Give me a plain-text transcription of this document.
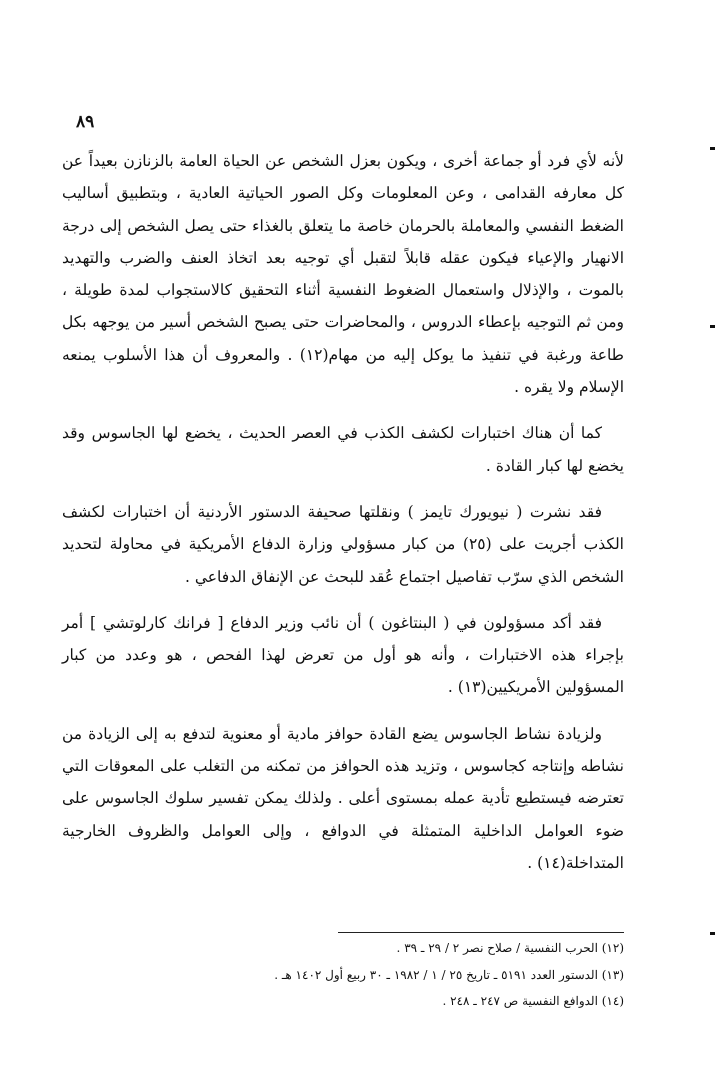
٨٩

لأنه لأي فرد أو جماعة أخرى ، ويكون بعزل الشخص عن الحياة العامة بالزنازن بعيداً عن كل معارفه القدامى ، وعن المعلومات وكل الصور الحياتية العادية ، وبتطبيق أساليب الضغط النفسي والمعاملة بالحرمان خاصة ما يتعلق بالغذاء حتى يصل الشخص إلى درجة الانهيار والإعياء فيكون عقله قابلاً لتقبل أي توجيه بعد اتخاذ العنف والضرب والتهديد بالموت ، والإذلال واستعمال الضغوط النفسية أثناء التحقيق كالاستجواب لمدة طويلة ، ومن ثم التوجيه بإعطاء الدروس ، والمحاضرات حتى يصبح الشخص أسير من يوجهه بكل طاعة ورغبة في تنفيذ ما يوكل إليه من مهام(١٢) . والمعروف أن هذا الأسلوب يمنعه الإسلام ولا يقره .

كما أن هناك اختبارات لكشف الكذب في العصر الحديث ، يخضع لها الجاسوس وقد يخضع لها كبار القادة .

فقد نشرت ( نيويورك تايمز ) ونقلتها صحيفة الدستور الأردنية أن اختبارات لكشف الكذب أجريت على (٢٥) من كبار مسؤولي وزارة الدفاع الأمريكية في محاولة لتحديد الشخص الذي سرّب تفاصيل اجتماع عُقد للبحث عن الإنفاق الدفاعي .

فقد أكد مسؤولون في ( البنتاغون ) أن نائب وزير الدفاع [ فرانك كارلوتشي ] أمر بإجراء هذه الاختبارات ، وأنه هو أول من تعرض لهذا الفحص ، هو وعدد من كبار المسؤولين الأمريكيين(١٣) .

ولزيادة نشاط الجاسوس يضع القادة حوافز مادية أو معنوية لتدفع به إلى الزيادة من نشاطه وإنتاجه كجاسوس ، وتزيد هذه الحوافز من تمكنه من التغلب على المعوقات التي تعترضه فيستطيع تأدية عمله بمستوى أعلى . ولذلك يمكن تفسير سلوك الجاسوس على ضوء العوامل الداخلية المتمثلة في الدوافع ، وإلى العوامل والظروف الخارجية المتداخلة(١٤) .

(١٢) الحرب النفسية / صلاح نصر ٢ / ٢٩ ـ ٣٩ .
(١٣) الدستور العدد ٥١٩١ ـ تاريخ ٢٥ / ١ / ١٩٨٢ ـ ٣٠ ربيع أول ١٤٠٢ هـ .
(١٤) الدوافع النفسية ص ٢٤٧ ـ ٢٤٨ .
